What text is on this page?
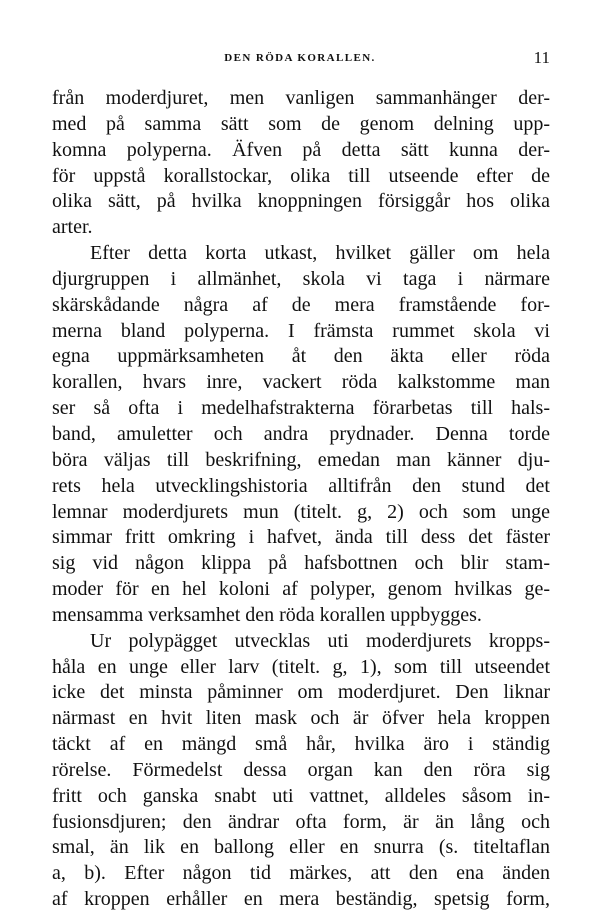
DEN RÖDA KORALLEN.	11
från moderdjuret, men vanligen sammanhänger der-
med på samma sätt som de genom delning upp-
komna polyperna. Äfven på detta sätt kunna der-
för uppstå korallstockar, olika till utseende efter de
olika sätt, på hvilka knoppningen försiggår hos olika
arter.
Efter detta korta utkast, hvilket gäller om hela
djurgruppen i allmänhet, skola vi taga i närmare
skärskådande några af de mera framstående for-
merna bland polyperna. I främsta rummet skola vi
egna uppmärksamheten åt den äkta eller röda
korallen, hvars inre, vackert röda kalkstomme man
ser så ofta i medelhafstrakterna förarbetas till hals-
band, amuletter och andra prydnader. Denna torde
böra väljas till beskrifning, emedan man känner dju-
rets hela utvecklingshistoria alltifrån den stund det
lemnar moderdjurets mun (titelt. g, 2) och som unge
simmar fritt omkring i hafvet, ända till dess det fäster
sig vid någon klippa på hafsbottnen och blir stam-
moder för en hel koloni af polyper, genom hvilkas ge-
mensamma verksamhet den röda korallen uppbygges.
Ur polypägget utvecklas uti moderdjurets kropps-
håla en unge eller larv (titelt. g, 1), som till utseendet
icke det minsta påminner om moderdjuret. Den liknar
närmast en hvit liten mask och är öfver hela kroppen
täckt af en mängd små hår, hvilka äro i ständig
rörelse. Förmedelst dessa organ kan den röra sig
fritt och ganska snabt uti vattnet, alldeles såsom in-
fusionsdjuren; den ändrar ofta form, är än lång och
smal, än lik en ballong eller en snurra (s. titeltaflan
a, b). Efter någon tid märkes, att den ena änden
af kroppen erhåller en mera beständig, spetsig form,
